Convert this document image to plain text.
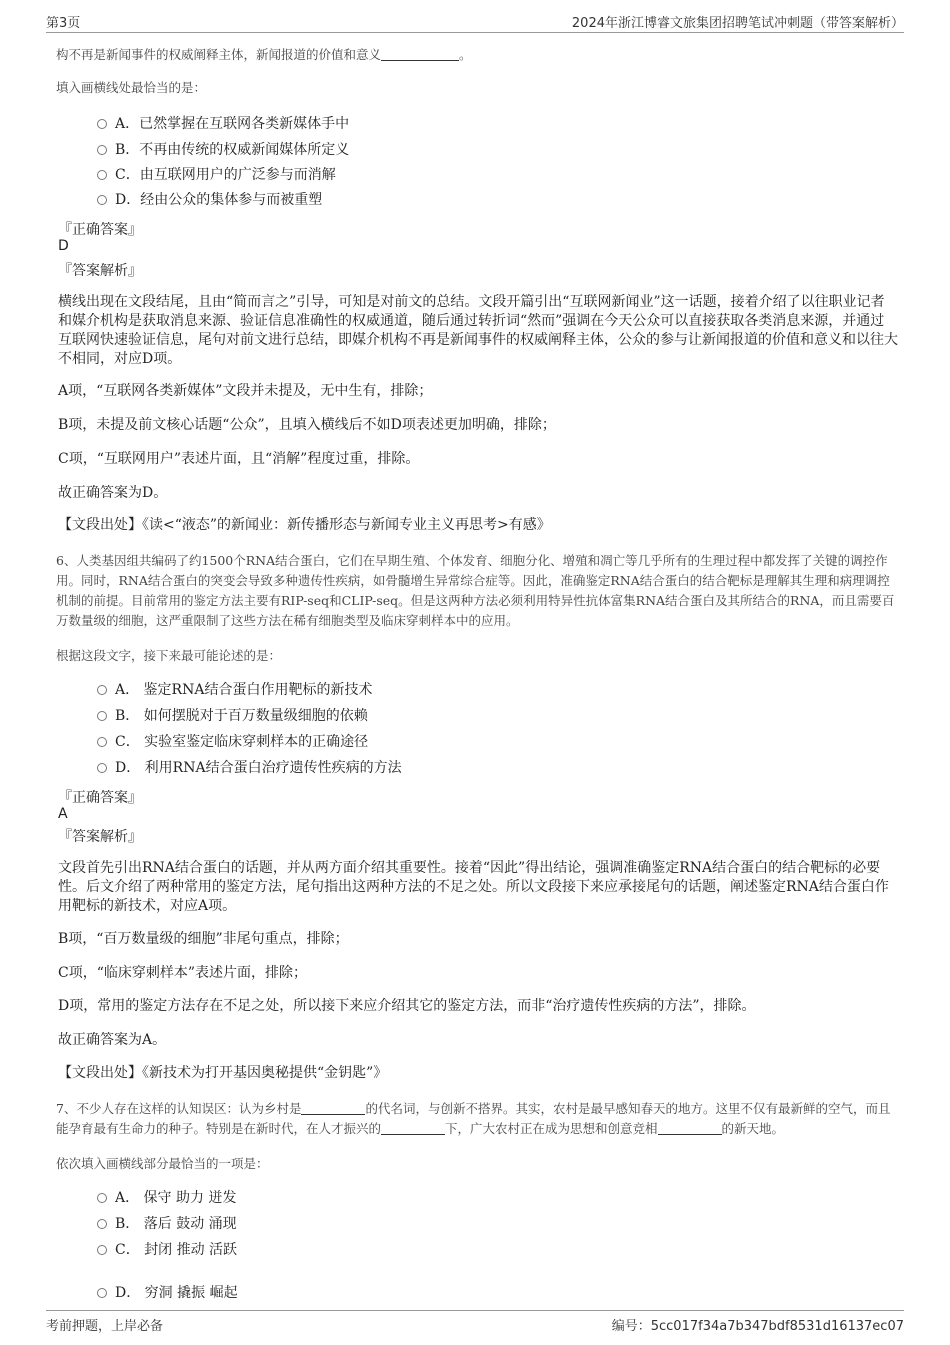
第3页	2024年浙江博睿文旅集团招聘笔试冲刺题（带答案解析）
构不再是新闻事件的权威阐释主体，新闻报道的价值和意义	。
填入画横线处最恰当的是：
A．已然掌握在互联网各类新媒体手中
B．不再由传统的权威新闻媒体所定义
C．由互联网用户的广泛参与而消解
D．经由公众的集体参与而被重塑
『正确答案』
D
『答案解析』
横线出现在文段结尾，且由“简而言之”引导，可知是对前文的总结。文段开篇引出“互联网新闻业”这一话题，接着介绍了以往职业记者和媒介机构是获取消息来源、验证信息准确性的权威通道，随后通过转折词“然而”强调在今天公众可以直接获取各类消息来源，并通过互联网快速验证信息，尾句对前文进行总结，即媒介机构不再是新闻事件的权威阐释主体，公众的参与让新闻报道的价值和意义和以往大不相同，对应D项。
A项，“互联网各类新媒体”文段并未提及，无中生有，排除；
B项，未提及前文核心话题“公众”，且填入横线后不如D项表述更加明确，排除；
C项，“互联网用户”表述片面，且“消解”程度过重，排除。
故正确答案为D。
【文段出处】《读<“液态”的新闻业：新传播形态与新闻专业主义再思考>有感》
6、人类基因组共编码了约1500个RNA结合蛋白，它们在早期生殖、个体发育、细胞分化、增殖和凋亡等几乎所有的生理过程中都发挥了关键的调控作用。同时，RNA结合蛋白的突变会导致多种遗传性疾病，如骨髓增生异常综合症等。因此，准确鉴定RNA结合蛋白的结合靶标是理解其生理和病理调控机制的前提。目前常用的鉴定方法主要有RIP-seq和CLIP-seq。但是这两种方法必须利用特异性抗体富集RNA结合蛋白及其所结合的RNA，而且需要百万数量级的细胞，这严重限制了这些方法在稀有细胞类型及临床穿刺样本中的应用。
根据这段文字，接下来最可能论述的是：
A． 鉴定RNA结合蛋白作用靶标的新技术
B． 如何摆脱对于百万数量级细胞的依赖
C． 实验室鉴定临床穿刺样本的正确途径
D． 利用RNA结合蛋白治疗遗传性疾病的方法
『正确答案』
A
『答案解析』
文段首先引出RNA结合蛋白的话题，并从两方面介绍其重要性。接着“因此”得出结论，强调准确鉴定RNA结合蛋白的结合靶标的必要性。后文介绍了两种常用的鉴定方法，尾句指出这两种方法的不足之处。所以文段接下来应承接尾句的话题，阐述鉴定RNA结合蛋白作用靶标的新技术，对应A项。
B项，“百万数量级的细胞”非尾句重点，排除；
C项，“临床穿刺样本”表述片面，排除；
D项，常用的鉴定方法存在不足之处，所以接下来应介绍其它的鉴定方法，而非“治疗遗传性疾病的方法”，排除。
故正确答案为A。
【文段出处】《新技术为打开基因奥秘提供“金钥匙”》
7、不少人存在这样的认知误区：认为乡村是	的代名词，与创新不搭界。其实，农村是最早感知春天的地方。这里不仅有最新鲜的空气，而且能孕育最有生命力的种子。特别是在新时代，在人才振兴的	下，广大农村正在成为思想和创意竞相	的新天地。
依次填入画横线部分最恰当的一项是：
A． 保守 助力 迸发
B． 落后 鼓动 涌现
C． 封闭 推动 活跃
D． 穷洞 撬振 崛起
考前押题，上岸必备	编号：5cc017f34a7b347bdf8531d16137ec07
